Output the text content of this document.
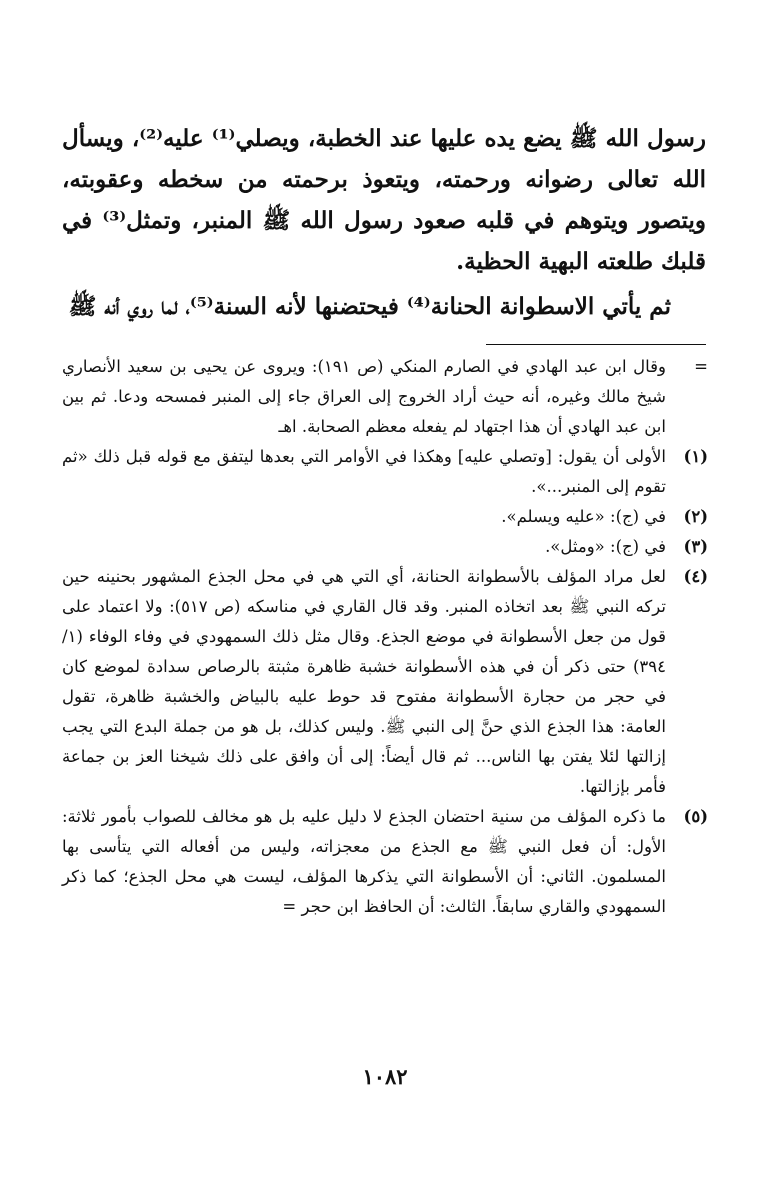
رسول الله ﷺ يضع يده عليها عند الخطبة، ويصلي⁽¹⁾ عليه⁽²⁾، ويسأل الله تعالى رضوانه ورحمته، ويتعوذ برحمته من سخطه وعقوبته، ويتصور ويتوهم في قلبه صعود رسول الله ﷺ المنبر، وتمثل⁽³⁾ في قلبك طلعته البهية الحظية.

ثم يأتي الاسطوانة الحنانة⁽⁴⁾ فيحتضنها لأنه السنة⁽⁵⁾، لما روي أنه ﷺ

=
وقال ابن عبد الهادي في الصارم المنكي (ص ١٩١): ويروى عن يحيى بن سعيد الأنصاري شيخ مالك وغيره، أنه حيث أراد الخروج إلى العراق جاء إلى المنبر فمسحه ودعا. ثم بين ابن عبد الهادي أن هذا اجتهاد لم يفعله معظم الصحابة. اهـ
(١)
الأولى أن يقول: [وتصلي عليه] وهكذا في الأوامر التي بعدها ليتفق مع قوله قبل ذلك «ثم تقوم إلى المنبر...».
(٢)
في (ج): «عليه ويسلم».
(٣)
في (ج): «ومثل».
(٤)
لعل مراد المؤلف بالأسطوانة الحنانة، أي التي هي في محل الجذع المشهور بحنينه حين تركه النبي ﷺ بعد اتخاذه المنبر. وقد قال القاري في مناسكه (ص ٥١٧): ولا اعتماد على قول من جعل الأسطوانة في موضع الجذع. وقال مثل ذلك السمهودي في وفاء الوفاء (١/ ٣٩٤) حتى ذكر أن في هذه الأسطوانة خشبة ظاهرة مثبتة بالرصاص سدادة لموضع كان في حجر من حجارة الأسطوانة مفتوح قد حوط عليه بالبياض والخشبة ظاهرة، تقول العامة: هذا الجذع الذي حنَّ إلى النبي ﷺ. وليس كذلك، بل هو من جملة البدع التي يجب إزالتها لئلا يفتن بها الناس... ثم قال أيضاً: إلى أن وافق على ذلك شيخنا العز بن جماعة فأمر بإزالتها.
(٥)
ما ذكره المؤلف من سنية احتضان الجذع لا دليل عليه بل هو مخالف للصواب بأمور ثلاثة: الأول: أن فعل النبي ﷺ مع الجذع من معجزاته، وليس من أفعاله التي يتأسى بها المسلمون. الثاني: أن الأسطوانة التي يذكرها المؤلف، ليست هي محل الجذع؛ كما ذكر السمهودي والقاري سابقاً. الثالث: أن الحافظ ابن حجر =
١٠٨٢
